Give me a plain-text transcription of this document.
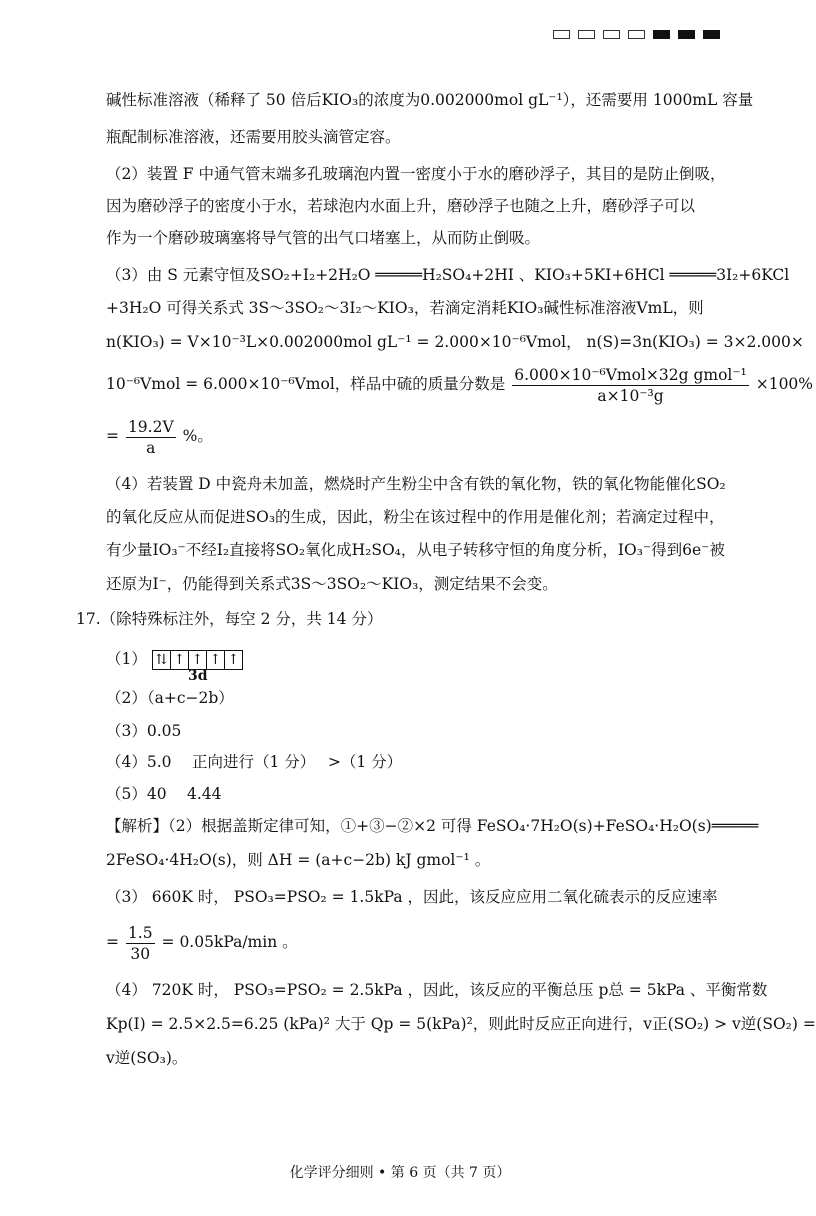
碱性标准溶液（稀释了 50 倍后KIO₃的浓度为0.002000mol gL⁻¹），还需要用 1000mL 容量
瓶配制标准溶液，还需要用胶头滴管定容。
（2）装置 F 中通气管末端多孔玻璃泡内置一密度小于水的磨砂浮子，其目的是防止倒吸，
因为磨砂浮子的密度小于水，若球泡内水面上升，磨砂浮子也随之上升，磨砂浮子可以
作为一个磨砂玻璃塞将导气管的出气口堵塞上，从而防止倒吸。
（3）由 S 元素守恒及SO₂+I₂+2H₂O ═════H₂SO₄+2HI 、KIO₃+5KI+6HCl ═════3I₂+6KCl
+3H₂O 可得关系式 3S～3SO₂～3I₂～KIO₃，若滴定消耗KIO₃碱性标准溶液VmL，则
n(KIO₃) = V×10⁻³L×0.002000mol gL⁻¹ = 2.000×10⁻⁶Vmol， n(S)=3n(KIO₃) = 3×2.000×
10⁻⁶Vmol = 6.000×10⁻⁶Vmol，样品中硫的质量分数是 $\frac{\text{6.000×10⁻⁶Vmol×32g gmol⁻¹}}{\text{a×10⁻³g}} \times 100\%$
= $\frac{19.2V}{a}$ %。
（4）若装置 D 中瓷舟未加盖，燃烧时产生粉尘中含有铁的氧化物，铁的氧化物能催化SO₂
的氧化反应从而促进SO₃的生成，因此，粉尘在该过程中的作用是催化剂；若滴定过程中，
有少量IO₃⁻不经I₂直接将SO₂氧化成H₂SO₄，从电子转移守恒的角度分析，IO₃⁻得到6e⁻被
还原为I⁻，仍能得到关系式3S～3SO₂～KIO₃，测定结果不会变。
17.（除特殊标注外，每空 2 分，共 14 分）
（1） ⇅ ↑ ↑ ↑ ↑
3d
（2）（a+c−2b）
（3）0.05
（4）5.0　 正向进行（1 分）　 >（1 分）
（5）40　 4.44
【解析】（2）根据盖斯定律可知，①+③−②×2 可得 FeSO₄·7H₂O(s)+FeSO₄·H₂O(s)═════
2FeSO₄·4H₂O(s)，则 ΔH = (a+c−2b) kJ gmol⁻¹ 。
（3） 660K 时， PSO₃=PSO₂ = 1.5kPa ，因此，该反应应用二氧化硫表示的反应速率
= $\frac{1.5}{30} = 0.05kPa/\min$ 。
（4） 720K 时， PSO₃=PSO₂ = 2.5kPa ，因此，该反应的平衡总压 p总 = 5kPa 、平衡常数
Kp(Ⅰ) = 2.5×2.5=6.25 (kPa)² 大于 Qp = 5(kPa)²，则此时反应正向进行，v正(SO₂) > v逆(SO₂) =
v逆(SO₃)。
化学评分细则 • 第 6 页（共 7 页）
